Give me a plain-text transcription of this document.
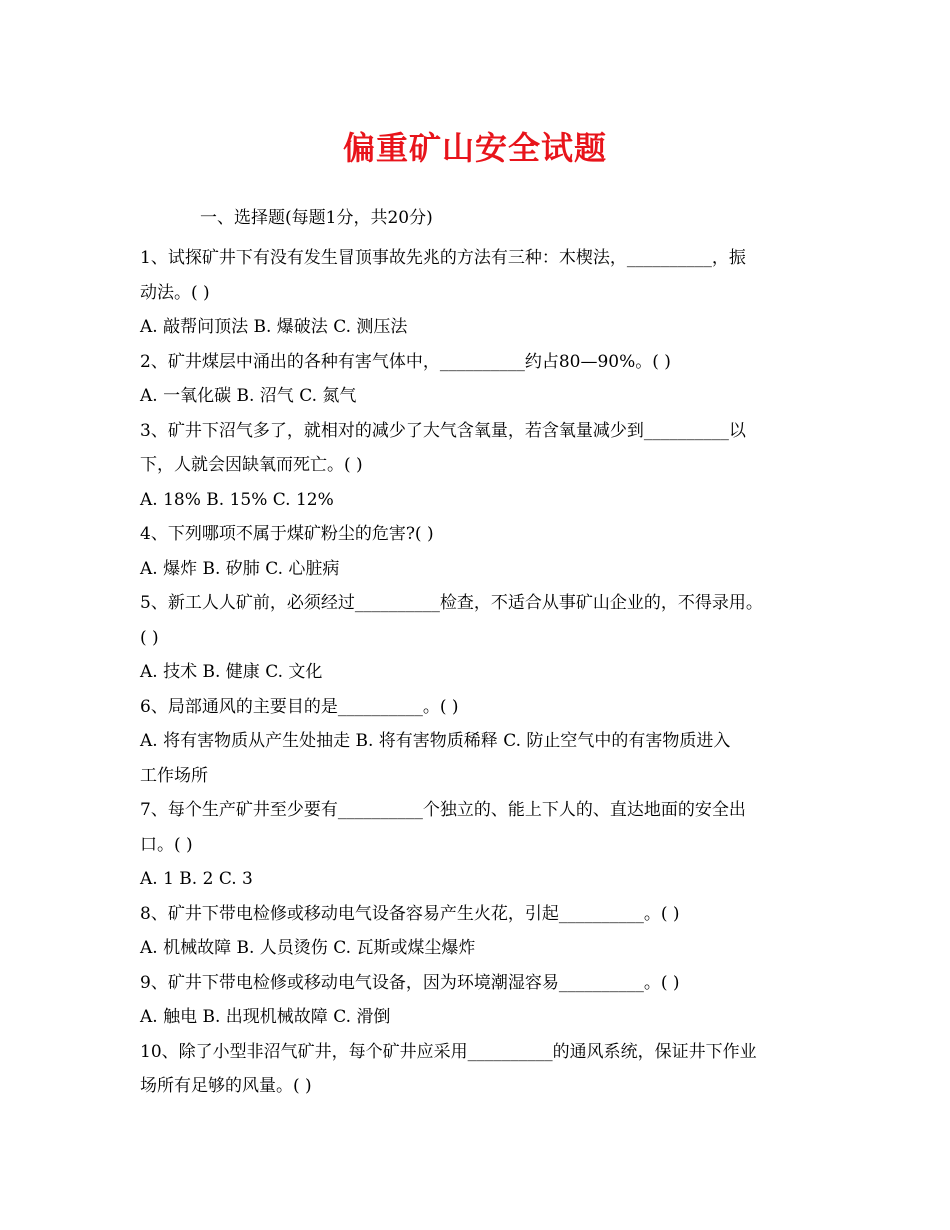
偏重矿山安全试题
一、选择题(每题1分，共20分)
1、试探矿井下有没有发生冒顶事故先兆的方法有三种：木楔法，__________，振
动法。( )
A. 敲帮问顶法 B. 爆破法 C. 测压法
2、矿井煤层中涌出的各种有害气体中，__________约占80—90%。( )
A. 一氧化碳 B. 沼气 C. 氮气
3、矿井下沼气多了，就相对的减少了大气含氧量，若含氧量减少到__________以
下，人就会因缺氧而死亡。( )
A. 18% B. 15% C. 12%
4、下列哪项不属于煤矿粉尘的危害?( )
A. 爆炸 B. 矽肺 C. 心脏病
5、新工人人矿前，必须经过__________检查，不适合从事矿山企业的，不得录用。
( )
A. 技术 B. 健康 C. 文化
6、局部通风的主要目的是__________。( )
A. 将有害物质从产生处抽走 B. 将有害物质稀释 C. 防止空气中的有害物质进入
工作场所
7、每个生产矿井至少要有__________个独立的、能上下人的、直达地面的安全出
口。( )
A. 1 B. 2 C. 3
8、矿井下带电检修或移动电气设备容易产生火花，引起__________。( )
A. 机械故障 B. 人员烫伤 C. 瓦斯或煤尘爆炸
9、矿井下带电检修或移动电气设备，因为环境潮湿容易__________。( )
A. 触电 B. 出现机械故障 C. 滑倒
10、除了小型非沼气矿井，每个矿井应采用__________的通风系统，保证井下作业
场所有足够的风量。( )
